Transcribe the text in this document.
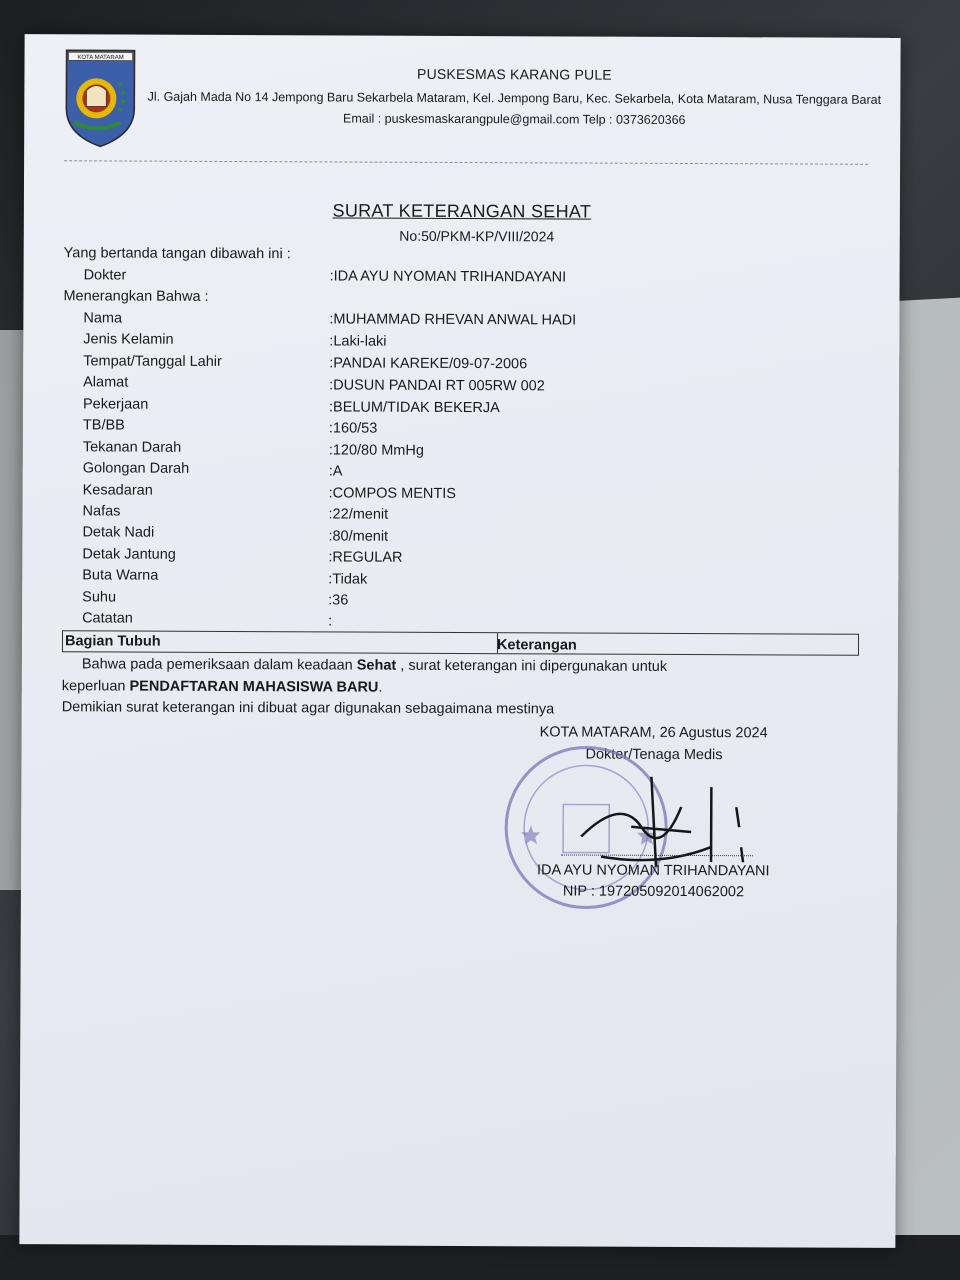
KOTA MATARAM
PUSKESMAS KARANG PULE
Jl. Gajah Mada No 14 Jempong Baru Sekarbela Mataram, Kel. Jempong Baru, Kec. Sekarbela, Kota Mataram, Nusa Tenggara Barat
Email : puskesmaskarangpule@gmail.com Telp : 0373620366
SURAT KETERANGAN SEHAT
No:50/PKM-KP/VIII/2024
Yang bertanda tangan dibawah ini :
Dokter	:IDA AYU NYOMAN TRIHANDAYANI
Menerangkan Bahwa :
Nama	:MUHAMMAD RHEVAN ANWAL HADI
Jenis Kelamin	:Laki-laki
Tempat/Tanggal Lahir	:PANDAI KAREKE/09-07-2006
Alamat	:DUSUN PANDAI RT 005RW 002
Pekerjaan	:BELUM/TIDAK BEKERJA
TB/BB	:160/53
Tekanan Darah	:120/80 MmHg
Golongan Darah	:A
Kesadaran	:COMPOS MENTIS
Nafas	:22/menit
Detak Nadi	:80/menit
Detak Jantung	:REGULAR
Buta Warna	:Tidak
Suhu	:36
Catatan	:
Bagian Tubuh	Keterangan
Bahwa pada pemeriksaan dalam keadaan Sehat , surat keterangan ini dipergunakan untuk
keperluan PENDAFTARAN MAHASISWA BARU.
Demikian surat keterangan ini dibuat agar digunakan sebagaimana mestinya
KOTA MATARAM, 26 Agustus 2024
Dokter/Tenaga Medis
IDA AYU NYOMAN TRIHANDAYANI
NIP : 197205092014062002
